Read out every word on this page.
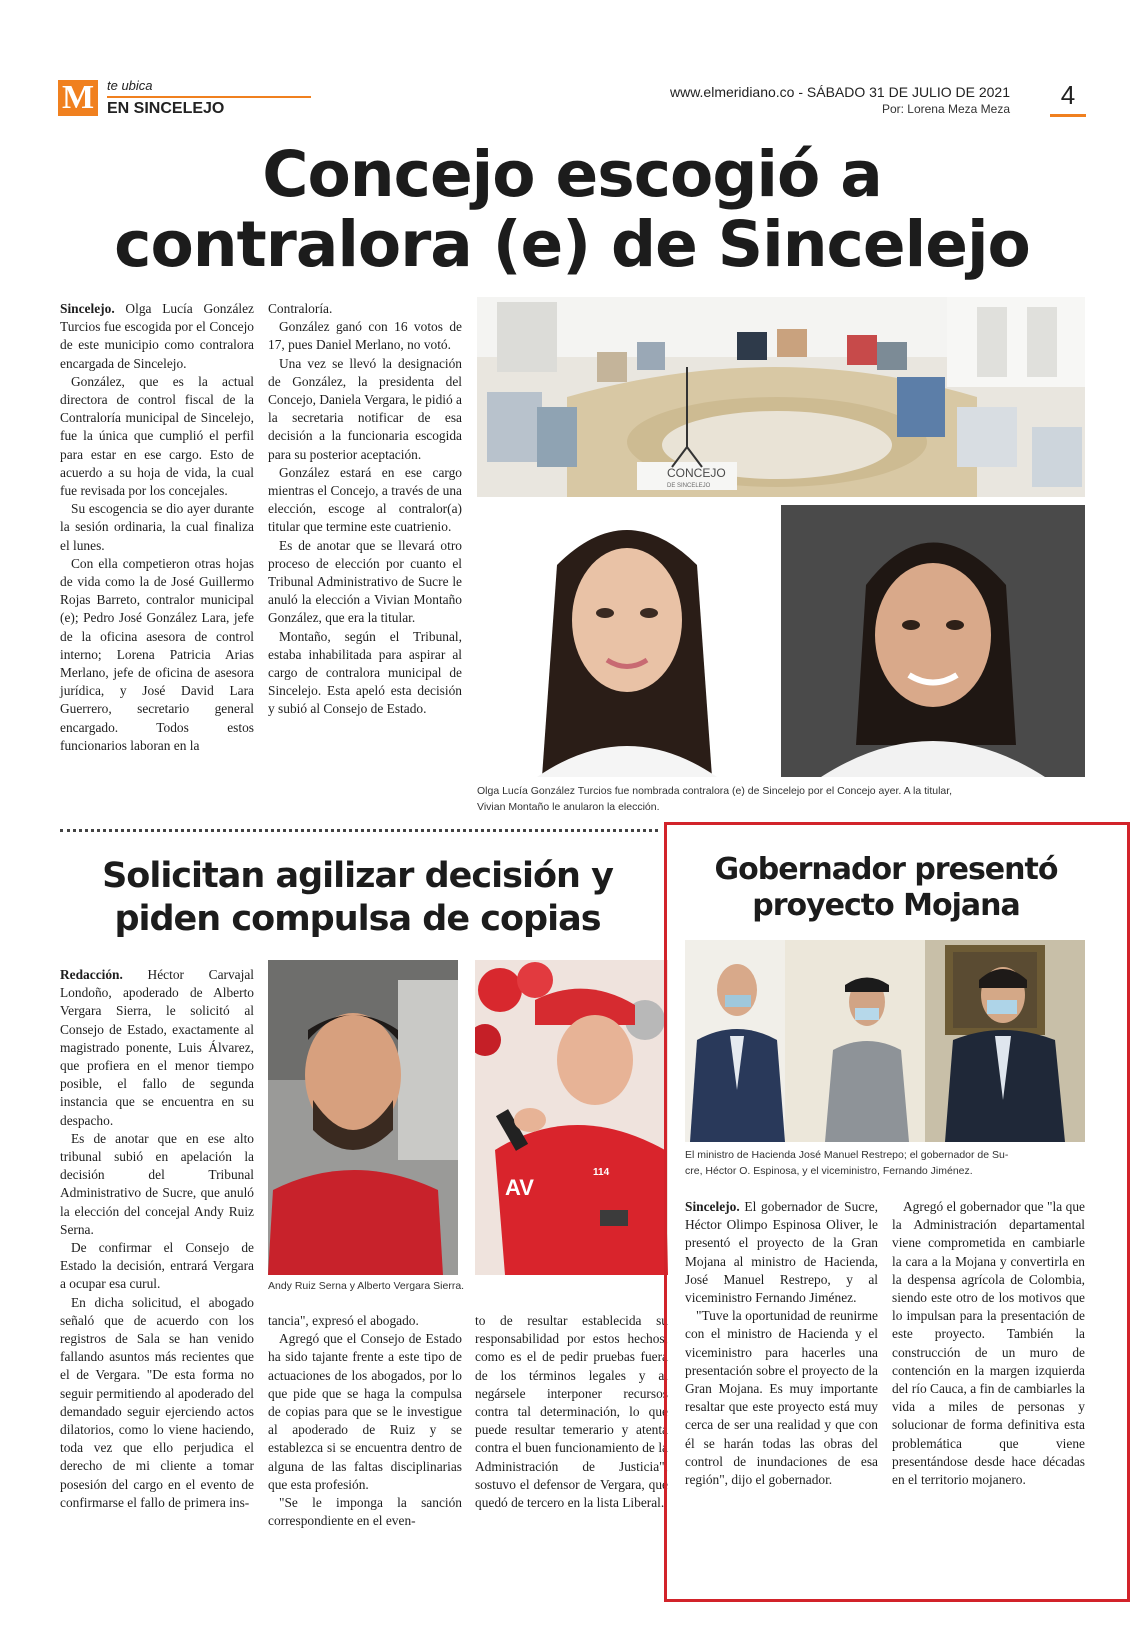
M te ubica
EN SINCELEJO
www.elmeridiano.co - SÁBADO 31 DE JULIO DE 2021
Por: Lorena Meza Meza	4
Concejo escogió a
contralora (e) de Sincelejo

Sincelejo. Olga Lucía González Turcios fue escogida por el Concejo de este municipio como contralora encargada de Sincelejo.

González, que es la actual directora de control fiscal de la Contraloría municipal de Sincelejo, fue la única que cumplió el perfil para estar en ese cargo. Esto de acuerdo a su hoja de vida, la cual fue revisada por los concejales.

Su escogencia se dio ayer durante la sesión ordinaria, la cual finaliza el lunes.

Con ella competieron otras hojas de vida como la de José Guillermo Rojas Barreto, contralor municipal (e); Pedro José González Lara, jefe de la oficina asesora de control interno; Lorena Patricia Arias Merlano, jefe de oficina de asesora jurídica, y José David Lara Guerrero, secretario general encargado. Todos estos funcionarios laboran en la

Contraloría.

González ganó con 16 votos de 17, pues Daniel Merlano, no votó.

Una vez se llevó la designación de González, la presidenta del Concejo, Daniela Vergara, le pidió a la secretaria notificar de esa decisión a la funcionaria escogida para su posterior aceptación.

González estará en ese cargo mientras el Concejo, a través de una elección, escoge al contralor(a) titular que termine este cuatrienio.

Es de anotar que se llevará otro proceso de elección por cuanto el Tribunal Administrativo de Sucre le anuló la elección a Vivian Montaño González, que era la titular.

Montaño, según el Tribunal, estaba inhabilitada para aspirar al cargo de contralora municipal de Sincelejo. Esta apeló esta decisión y subió al Consejo de Estado.

CONCEJO
DE SINCELEJO
Olga Lucía González Turcios fue nombrada contralora (e) de Sincelejo por el Concejo ayer. A la titular,
Vivian Montaño le anularon la elección.
Solicitan agilizar decisión y
piden compulsa de copias

Redacción. Héctor Carvajal Londoño, apoderado de Alberto Vergara Sierra, le solicitó al Consejo de Estado, exactamente al magistrado ponente, Luis Álvarez, que profiera en el menor tiempo posible, el fallo de segunda instancia que se encuentra en su despacho.

Es de anotar que en ese alto tribunal subió en apelación la decisión del Tribunal Administrativo de Sucre, que anuló la elección del concejal Andy Ruiz Serna.

De confirmar el Consejo de Estado la decisión, entrará Vergara a ocupar esa curul.

En dicha solicitud, el abogado señaló que de acuerdo con los registros de Sala se han venido fallando asuntos más recientes que el de Vergara. "De esta forma no seguir permitiendo al apoderado del demandado seguir ejerciendo actos dilatorios, como lo viene haciendo, toda vez que ello perjudica el derecho de mi cliente a tomar posesión del cargo en el evento de confirmarse el fallo de primera ins-

114
AV
Andy Ruiz Serna y Alberto Vergara Sierra.

tancia", expresó el abogado.

Agregó que el Consejo de Estado ha sido tajante frente a este tipo de actuaciones de los abogados, por lo que pide que se haga la compulsa de copias para que se le investigue al apoderado de Ruiz y se establezca si se encuentra dentro de alguna de las faltas disciplinarias que esta profesión.

"Se le imponga la sanción correspondiente en el even-

to de resultar establecida su responsabilidad por estos hechos, como es el de pedir pruebas fuera de los términos legales y al negársele interponer recursos contra tal determinación, lo que puede resultar temerario y atenta contra el buen funcionamiento de la Administración de Justicia", sostuvo el defensor de Vergara, que quedó de tercero en la lista Liberal.

Gobernador presentó
proyecto Mojana
El ministro de Hacienda José Manuel Restrepo; el gobernador de Su-
cre, Héctor O. Espinosa, y el viceministro, Fernando Jiménez.

Sincelejo. El gobernador de Sucre, Héctor Olimpo Espinosa Oliver, le presentó el proyecto de la Gran Mojana al ministro de Hacienda, José Manuel Restrepo, y al viceministro Fernando Jiménez.

"Tuve la oportunidad de reunirme con el ministro de Hacienda y el viceministro para hacerles una presentación sobre el proyecto de la Gran Mojana. Es muy importante resaltar que este proyecto está muy cerca de ser una realidad y que con él se harán todas las obras del control de inundaciones de esa región", dijo el gobernador.

Agregó el gobernador que "la que la Administración departamental viene comprometida en cambiarle la cara a la Mojana y convertirla en la despensa agrícola de Colombia, siendo este otro de los motivos que lo impulsan para la presentación de este proyecto. También la construcción de un muro de contención en la margen izquierda del río Cauca, a fin de cambiarles la vida a miles de personas y solucionar de forma definitiva esta problemática que viene presentándose desde hace décadas en el territorio mojanero.
